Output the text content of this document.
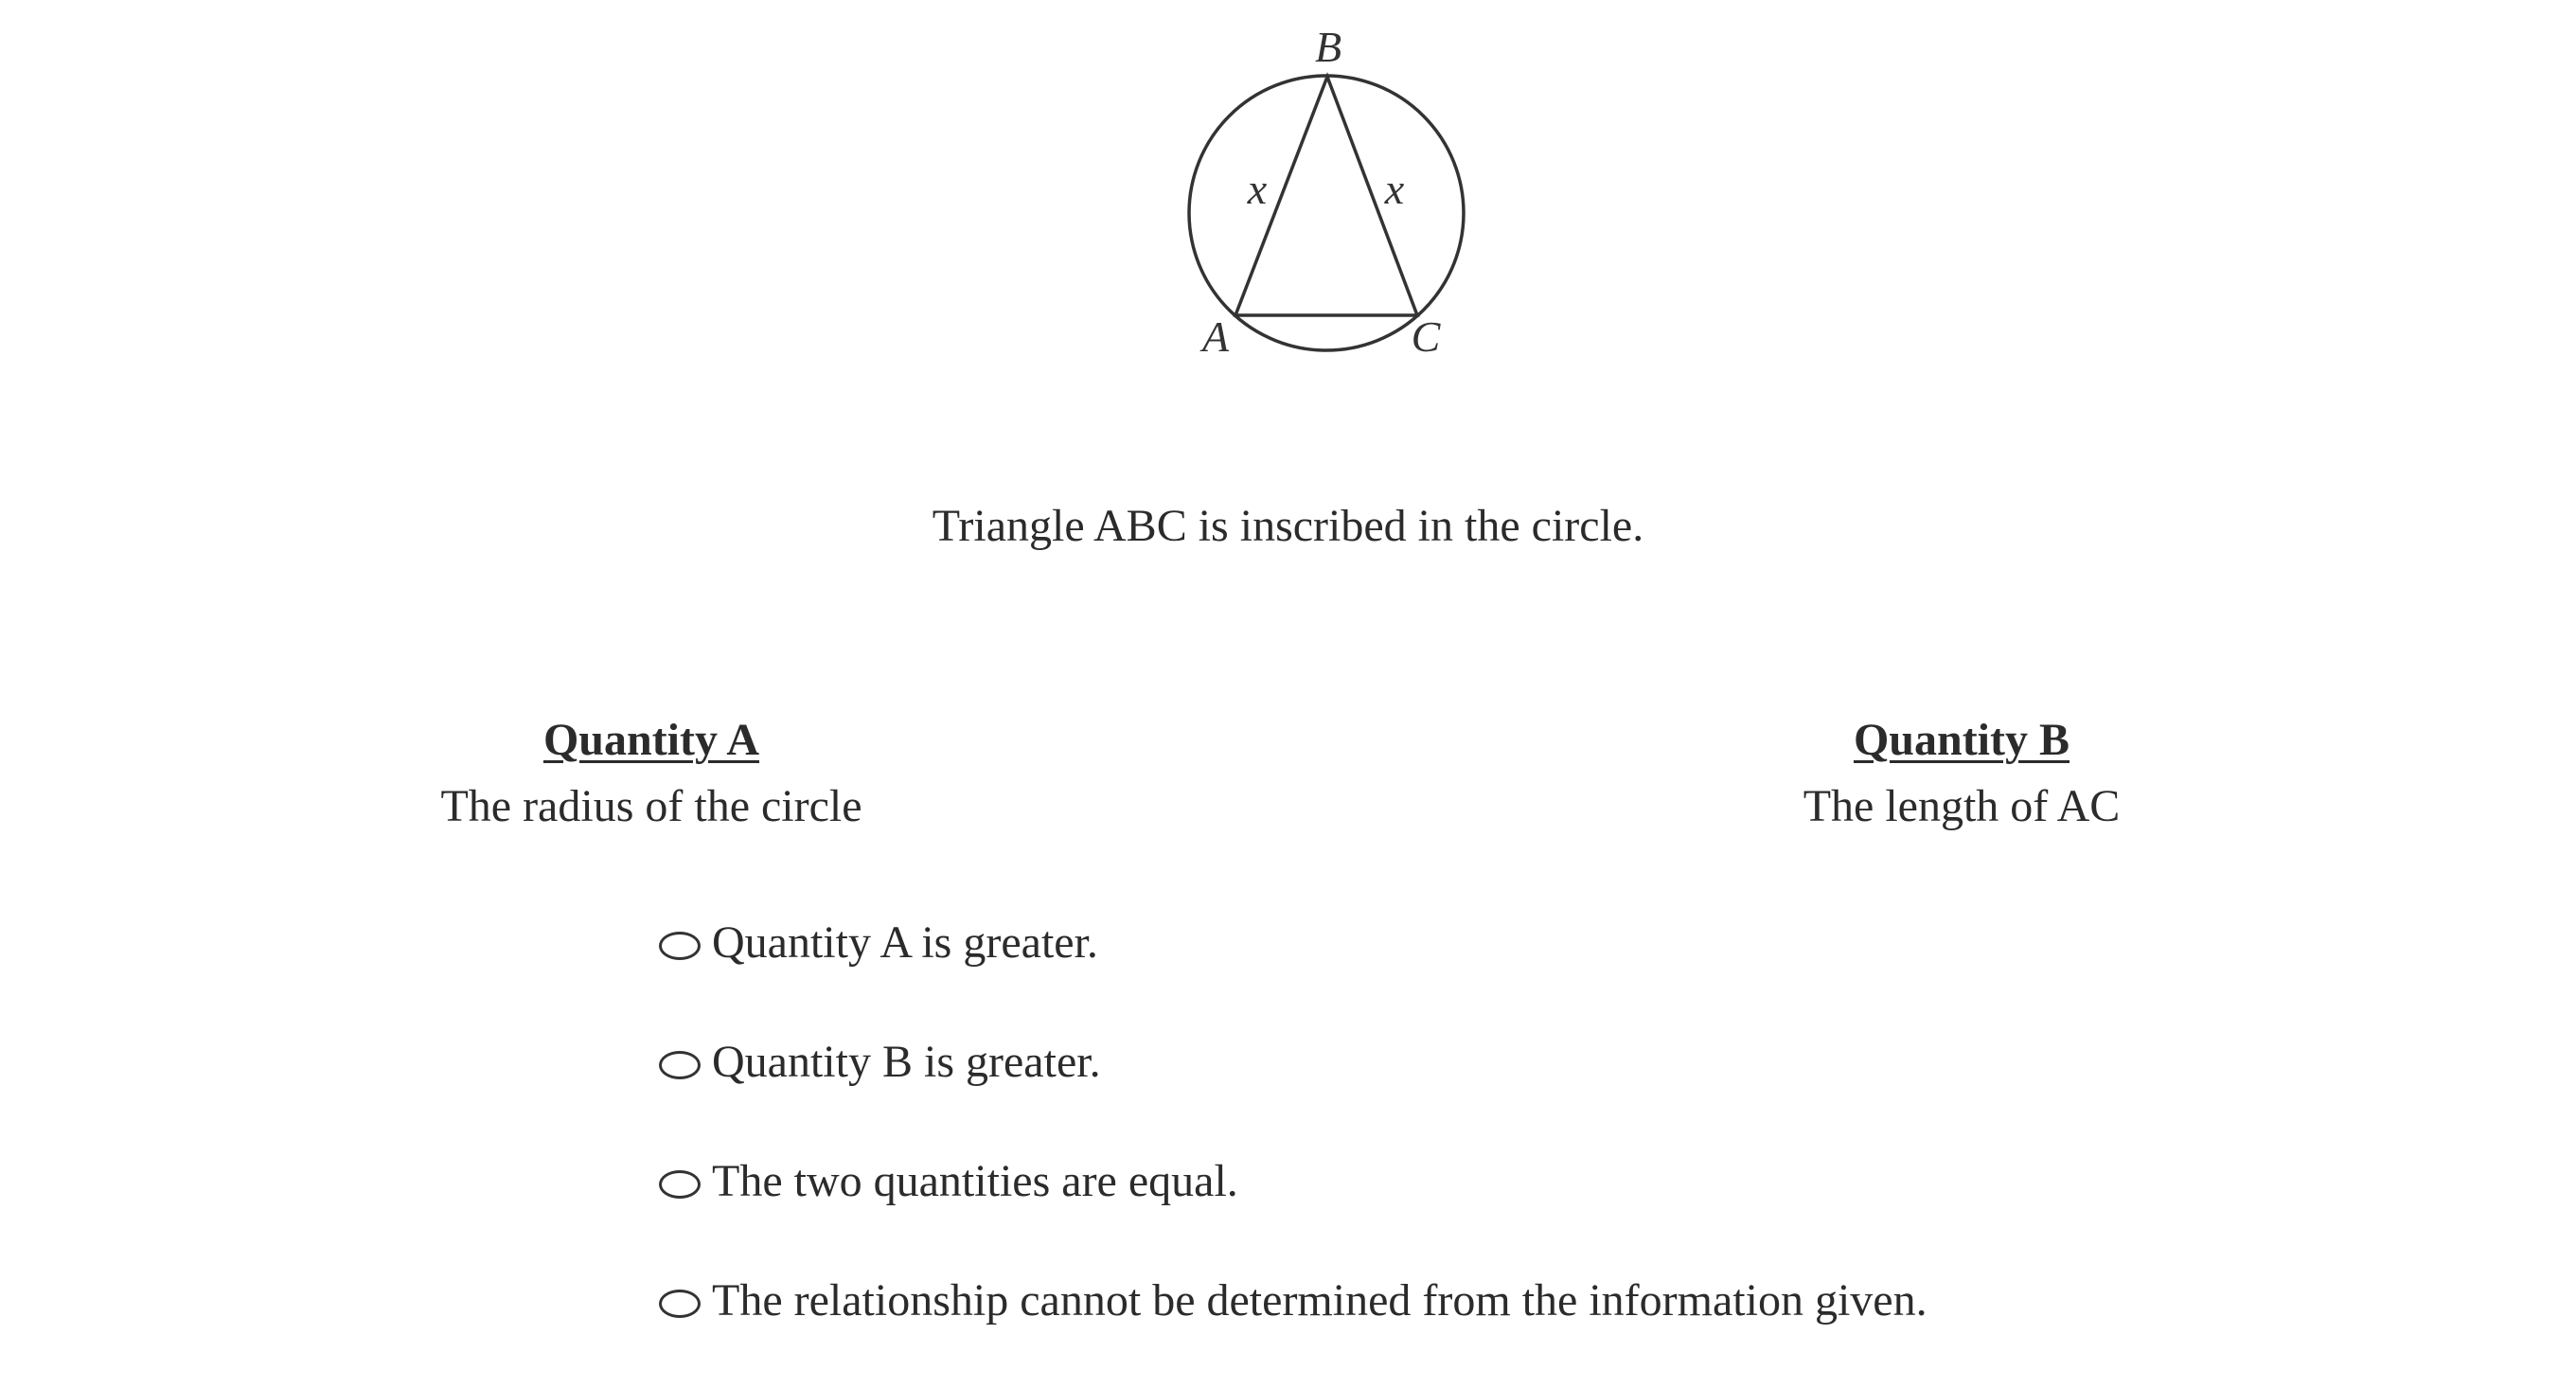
B
A	C
x	x
Triangle ABC is inscribed in the circle.
Quantity A
The radius of the circle
Quantity B
The length of AC
Quantity A is greater.
Quantity B is greater.
The two quantities are equal.
The relationship cannot be determined from the information given.
